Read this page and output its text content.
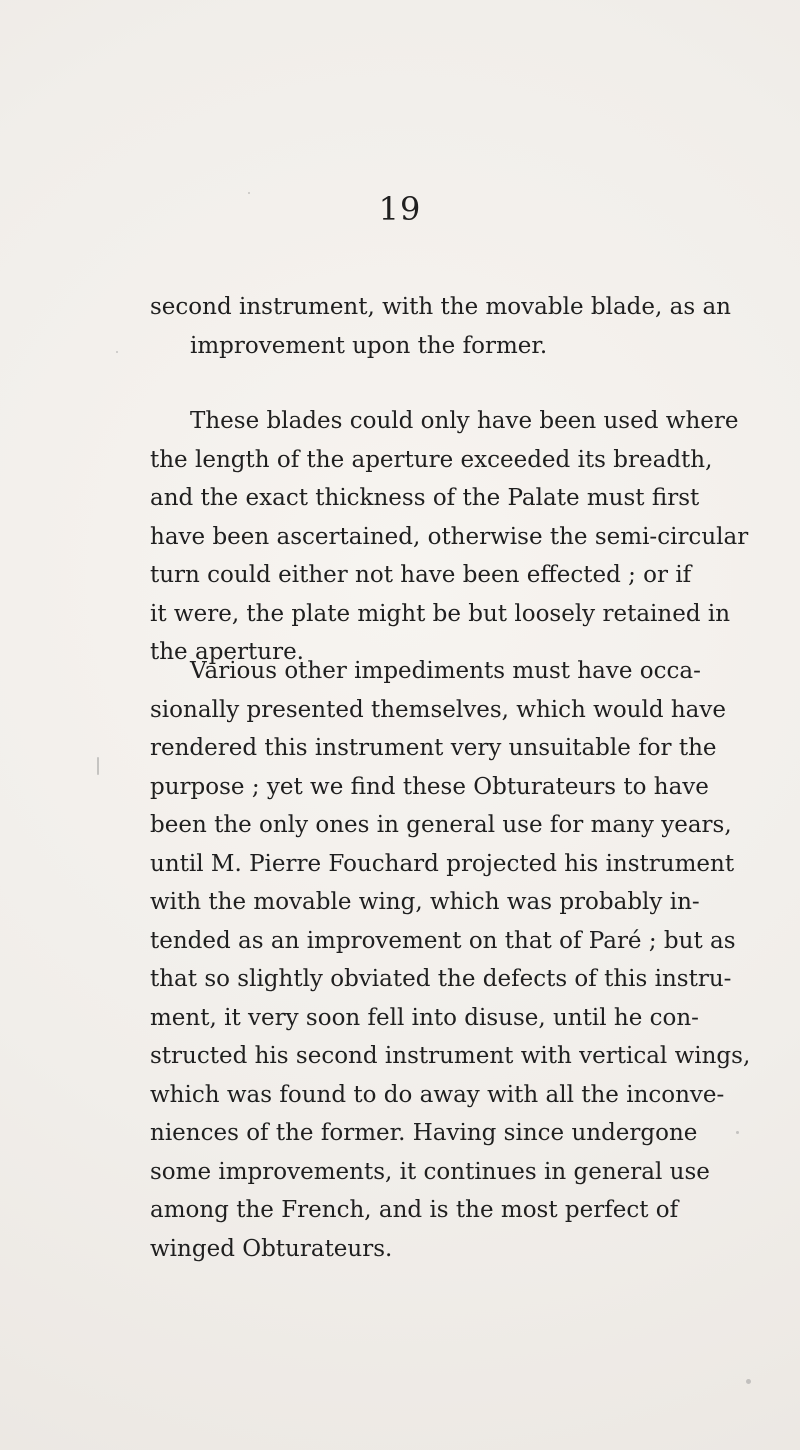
19
second instrument, with the movable blade, as an
improvement upon the former.
These blades could only have been used where
the length of the aperture exceeded its breadth,
and the exact thickness of the Palate must first
have been ascertained, otherwise the semi-circular
turn could either not have been effected ; or if
it were, the plate might be but loosely retained in
the aperture.
Various other impediments must have occa-
sionally presented themselves, which would have
rendered this instrument very unsuitable for the
purpose ; yet we find these Obturateurs to have
been the only ones in general use for many years,
until M. Pierre Fouchard projected his instrument
with the movable wing, which was probably in-
tended as an improvement on that of Paré ; but as
that so slightly obviated the defects of this instru-
ment, it very soon fell into disuse, until he con-
structed his second instrument with vertical wings,
which was found to do away with all the inconve-
niences of the former. Having since undergone
some improvements, it continues in general use
among the French, and is the most perfect of
winged Obturateurs.
